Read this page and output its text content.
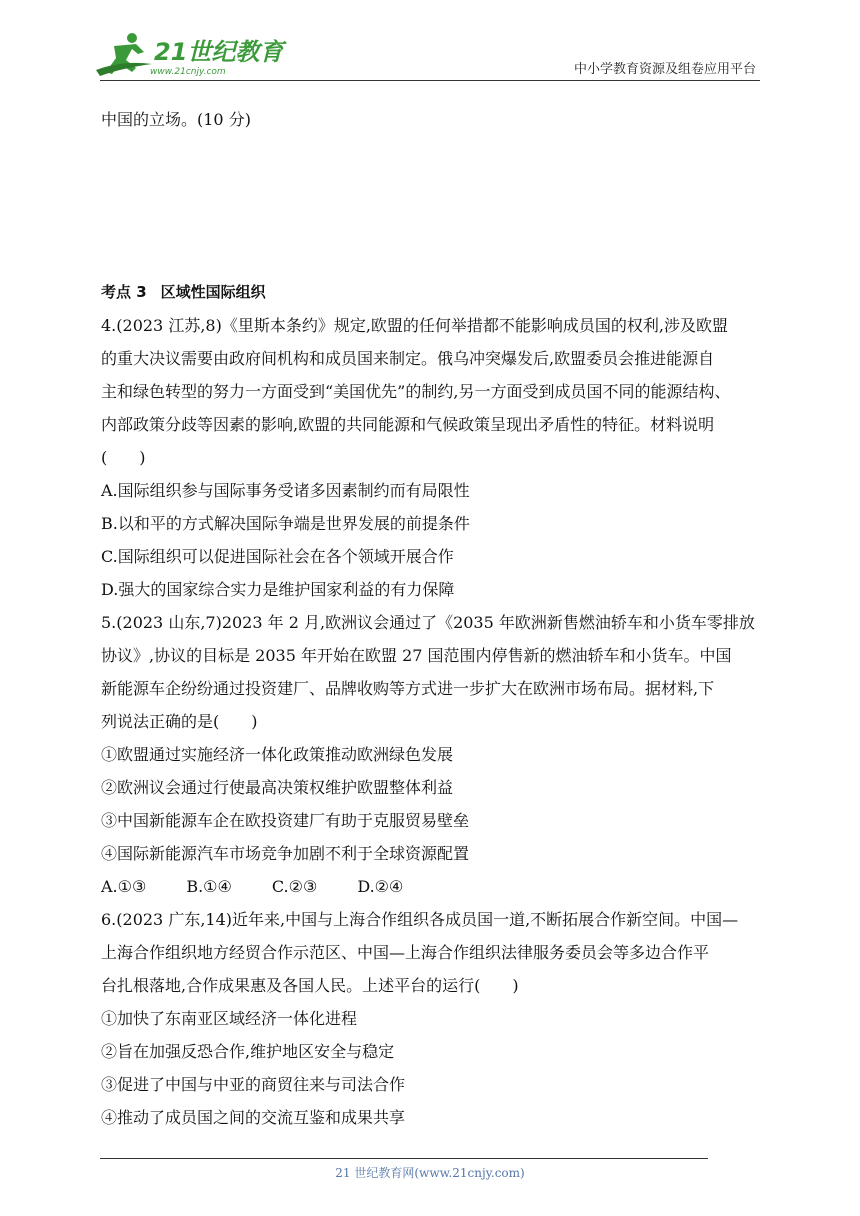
21世纪教育
www.21cnjy.com	中小学教育资源及组卷应用平台
中国的立场。(10 分)
考点 3 区域性国际组织
4.(2023 江苏,8)《里斯本条约》规定,欧盟的任何举措都不能影响成员国的权利,涉及欧盟
的重大决议需要由政府间机构和成员国来制定。俄乌冲突爆发后,欧盟委员会推进能源自
主和绿色转型的努力一方面受到“美国优先”的制约,另一方面受到成员国不同的能源结构、
内部政策分歧等因素的影响,欧盟的共同能源和气候政策呈现出矛盾性的特征。材料说明
(　　)
A.国际组织参与国际事务受诸多因素制约而有局限性
B.以和平的方式解决国际争端是世界发展的前提条件
C.国际组织可以促进国际社会在各个领域开展合作
D.强大的国家综合实力是维护国家利益的有力保障
5.(2023 山东,7)2023 年 2 月,欧洲议会通过了《2035 年欧洲新售燃油轿车和小货车零排放
协议》,协议的目标是 2035 年开始在欧盟 27 国范围内停售新的燃油轿车和小货车。中国
新能源车企纷纷通过投资建厂、品牌收购等方式进一步扩大在欧洲市场布局。据材料,下
列说法正确的是(　　)
①欧盟通过实施经济一体化政策推动欧洲绿色发展
②欧洲议会通过行使最高决策权维护欧盟整体利益
③中国新能源车企在欧投资建厂有助于克服贸易壁垒
④国际新能源汽车市场竞争加剧不利于全球资源配置
A.①③	B.①④	C.②③	D.②④
6.(2023 广东,14)近年来,中国与上海合作组织各成员国一道,不断拓展合作新空间。中国—
上海合作组织地方经贸合作示范区、中国—上海合作组织法律服务委员会等多边合作平
台扎根落地,合作成果惠及各国人民。上述平台的运行(　　)
①加快了东南亚区域经济一体化进程
②旨在加强反恐合作,维护地区安全与稳定
③促进了中国与中亚的商贸往来与司法合作
④推动了成员国之间的交流互鉴和成果共享
21 世纪教育网(www.21cnjy.com)
